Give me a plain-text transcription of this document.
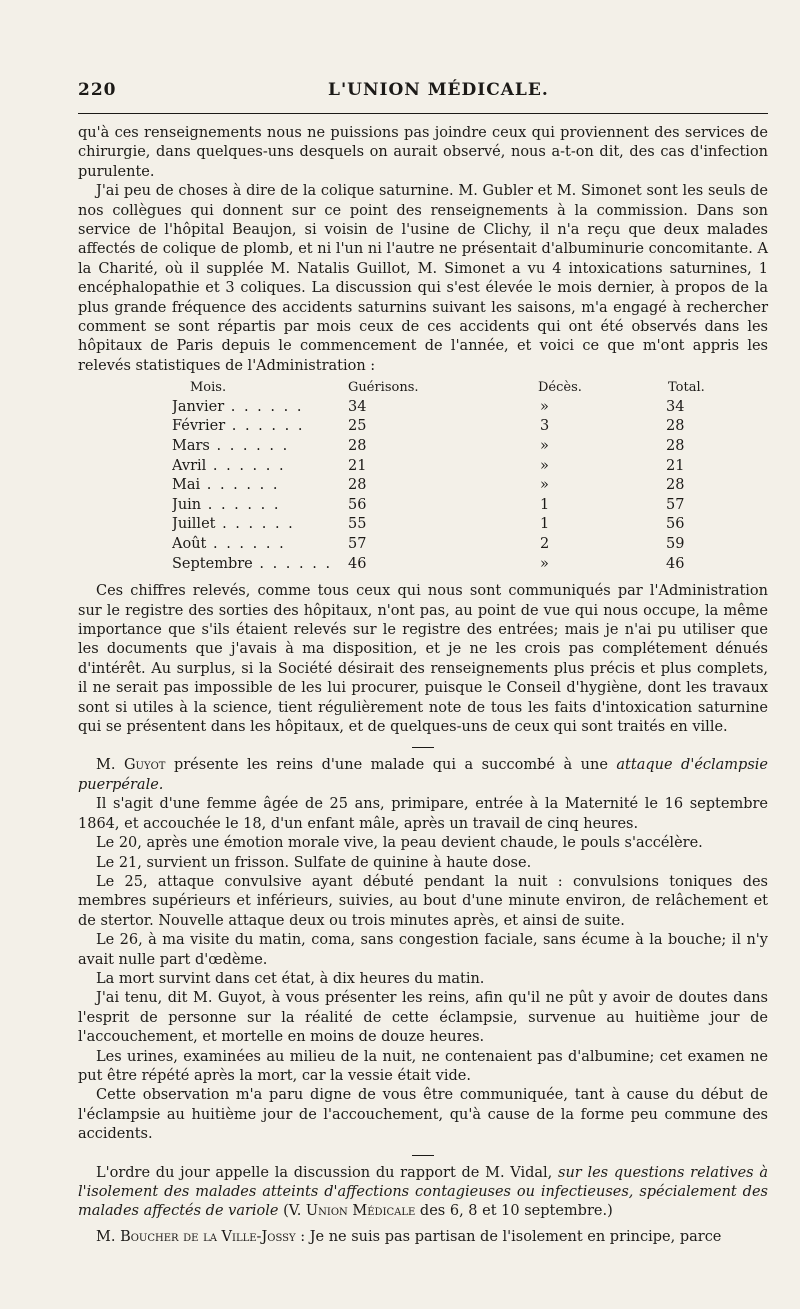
220	L'UNION MÉDICALE.

qu'à ces renseignements nous ne puissions pas joindre ceux qui proviennent des services de chirurgie, dans quelques-uns desquels on aurait observé, nous a-t-on dit, des cas d'infection purulente.

J'ai peu de choses à dire de la colique saturnine. M. Gubler et M. Simonet sont les seuls de nos collègues qui donnent sur ce point des renseignements à la commission. Dans son service de l'hôpital Beaujon, si voisin de l'usine de Clichy, il n'a reçu que deux malades affectés de colique de plomb, et ni l'un ni l'autre ne présentait d'albuminurie concomitante. A la Charité, où il supplée M. Natalis Guillot, M. Simonet a vu 4 intoxications saturnines, 1 encéphalopathie et 3 coliques. La discussion qui s'est élevée le mois dernier, à propos de la plus grande fréquence des accidents saturnins suivant les saisons, m'a engagé à rechercher comment se sont répartis par mois ceux de ces accidents qui ont été observés dans les hôpitaux de Paris depuis le commencement de l'année, et voici ce que m'ont appris les relevés statistiques de l'Administration :

Mois.	Guérisons.	Décès.	Total.
Janvier . . . . . .	34	»	34
Février . . . . . .	25	3	28
Mars . . . . . .	28	»	28
Avril . . . . . .	21	»	21
Mai . . . . . .	28	»	28
Juin . . . . . .	56	1	57
Juillet . . . . . .	55	1	56
Août . . . . . .	57	2	59
Septembre . . . . . .	46	»	46

Ces chiffres relevés, comme tous ceux qui nous sont communiqués par l'Administration sur le registre des sorties des hôpitaux, n'ont pas, au point de vue qui nous occupe, la même importance que s'ils étaient relevés sur le registre des entrées; mais je n'ai pu utiliser que les documents que j'avais à ma disposition, et je ne les crois pas complétement dénués d'intérêt. Au surplus, si la Société désirait des renseignements plus précis et plus complets, il ne serait pas impossible de les lui procurer, puisque le Conseil d'hygiène, dont les travaux sont si utiles à la science, tient régulièrement note de tous les faits d'intoxication saturnine qui se présentent dans les hôpitaux, et de quelques-uns de ceux qui sont traités en ville.

M. Guyot présente les reins d'une malade qui a succombé à une attaque d'éclampsie puerpérale.

Il s'agit d'une femme âgée de 25 ans, primipare, entrée à la Maternité le 16 septembre 1864, et accouchée le 18, d'un enfant mâle, après un travail de cinq heures.

Le 20, après une émotion morale vive, la peau devient chaude, le pouls s'accélère.

Le 21, survient un frisson. Sulfate de quinine à haute dose.

Le 25, attaque convulsive ayant débuté pendant la nuit : convulsions toniques des membres supérieurs et inférieurs, suivies, au bout d'une minute environ, de relâchement et de stertor. Nouvelle attaque deux ou trois minutes après, et ainsi de suite.

Le 26, à ma visite du matin, coma, sans congestion faciale, sans écume à la bouche; il n'y avait nulle part d'œdème.

La mort survint dans cet état, à dix heures du matin.

J'ai tenu, dit M. Guyot, à vous présenter les reins, afin qu'il ne pût y avoir de doutes dans l'esprit de personne sur la réalité de cette éclampsie, survenue au huitième jour de l'accouchement, et mortelle en moins de douze heures.

Les urines, examinées au milieu de la nuit, ne contenaient pas d'albumine; cet examen ne put être répété après la mort, car la vessie était vide.

Cette observation m'a paru digne de vous être communiquée, tant à cause du début de l'éclampsie au huitième jour de l'accouchement, qu'à cause de la forme peu commune des accidents.

L'ordre du jour appelle la discussion du rapport de M. Vidal, sur les questions relatives à l'isolement des malades atteints d'affections contagieuses ou infectieuses, spécialement des malades affectés de variole (V. Union Médicale des 6, 8 et 10 septembre.)

M. Boucher de la Ville-Jossy : Je ne suis pas partisan de l'isolement en principe, parce
